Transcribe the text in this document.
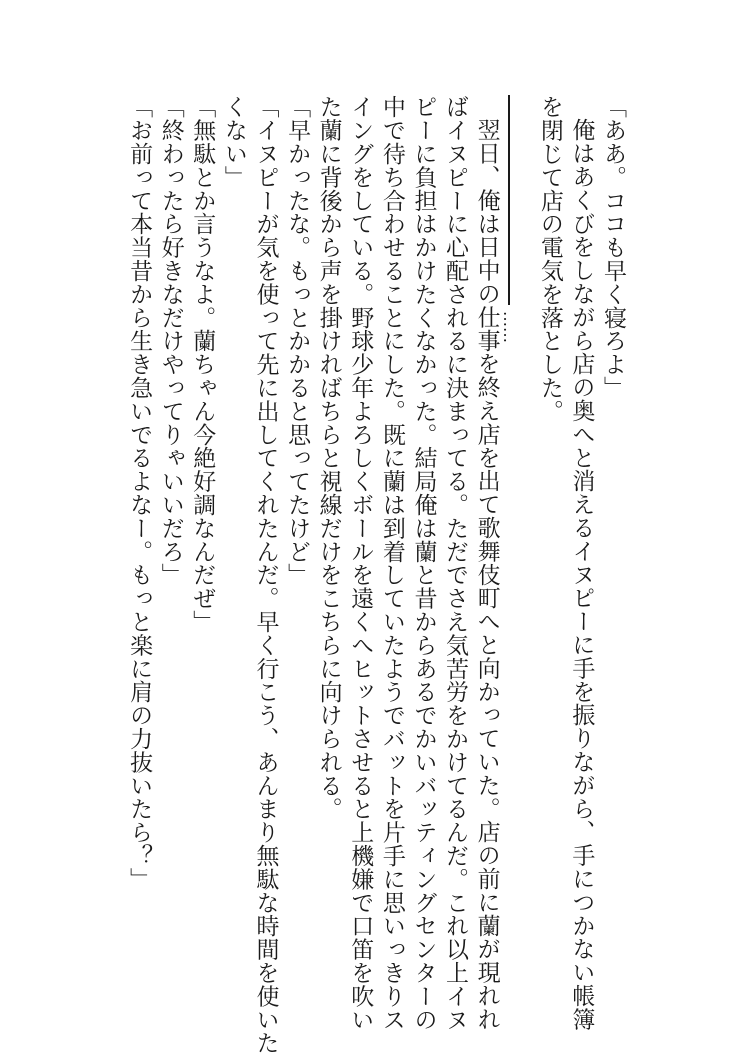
「ああ。ココも早く寝ろよ」
俺はあくびをしながら店の奥へと消えるイヌピーに手を振りながら、手につかない帳簿
を閉じて店の電気を落とした。

翌日、俺は日中の仕事を終え店を出て歌舞伎町へと向かっていた。店の前に蘭が現れれ
ばイヌピーに心配されるに決まってる。ただでさえ気苦労をかけてるんだ。これ以上イヌ
ピーに負担はかけたくなかった。結局俺は蘭と昔からあるでかいバッティングセンターの
中で待ち合わせることにした。既に蘭は到着していたようでバットを片手に思いっきりス
イングをしている。野球少年よろしくボールを遠くへヒットさせると上機嫌で口笛を吹い
た蘭に背後から声を掛ければちらと視線だけをこちらに向けられる。
「早かったな。もっとかかると思ってたけど」
「イヌピーが気を使って先に出してくれたんだ。早く行こう、あんまり無駄な時間を使いた
くない」
「無駄とか言うなよ。蘭ちゃん今絶好調なんだぜ」
「終わったら好きなだけやってりゃいいだろ」
「お前って本当昔から生き急いでるよなー。もっと楽に肩の力抜いたら？」	……
